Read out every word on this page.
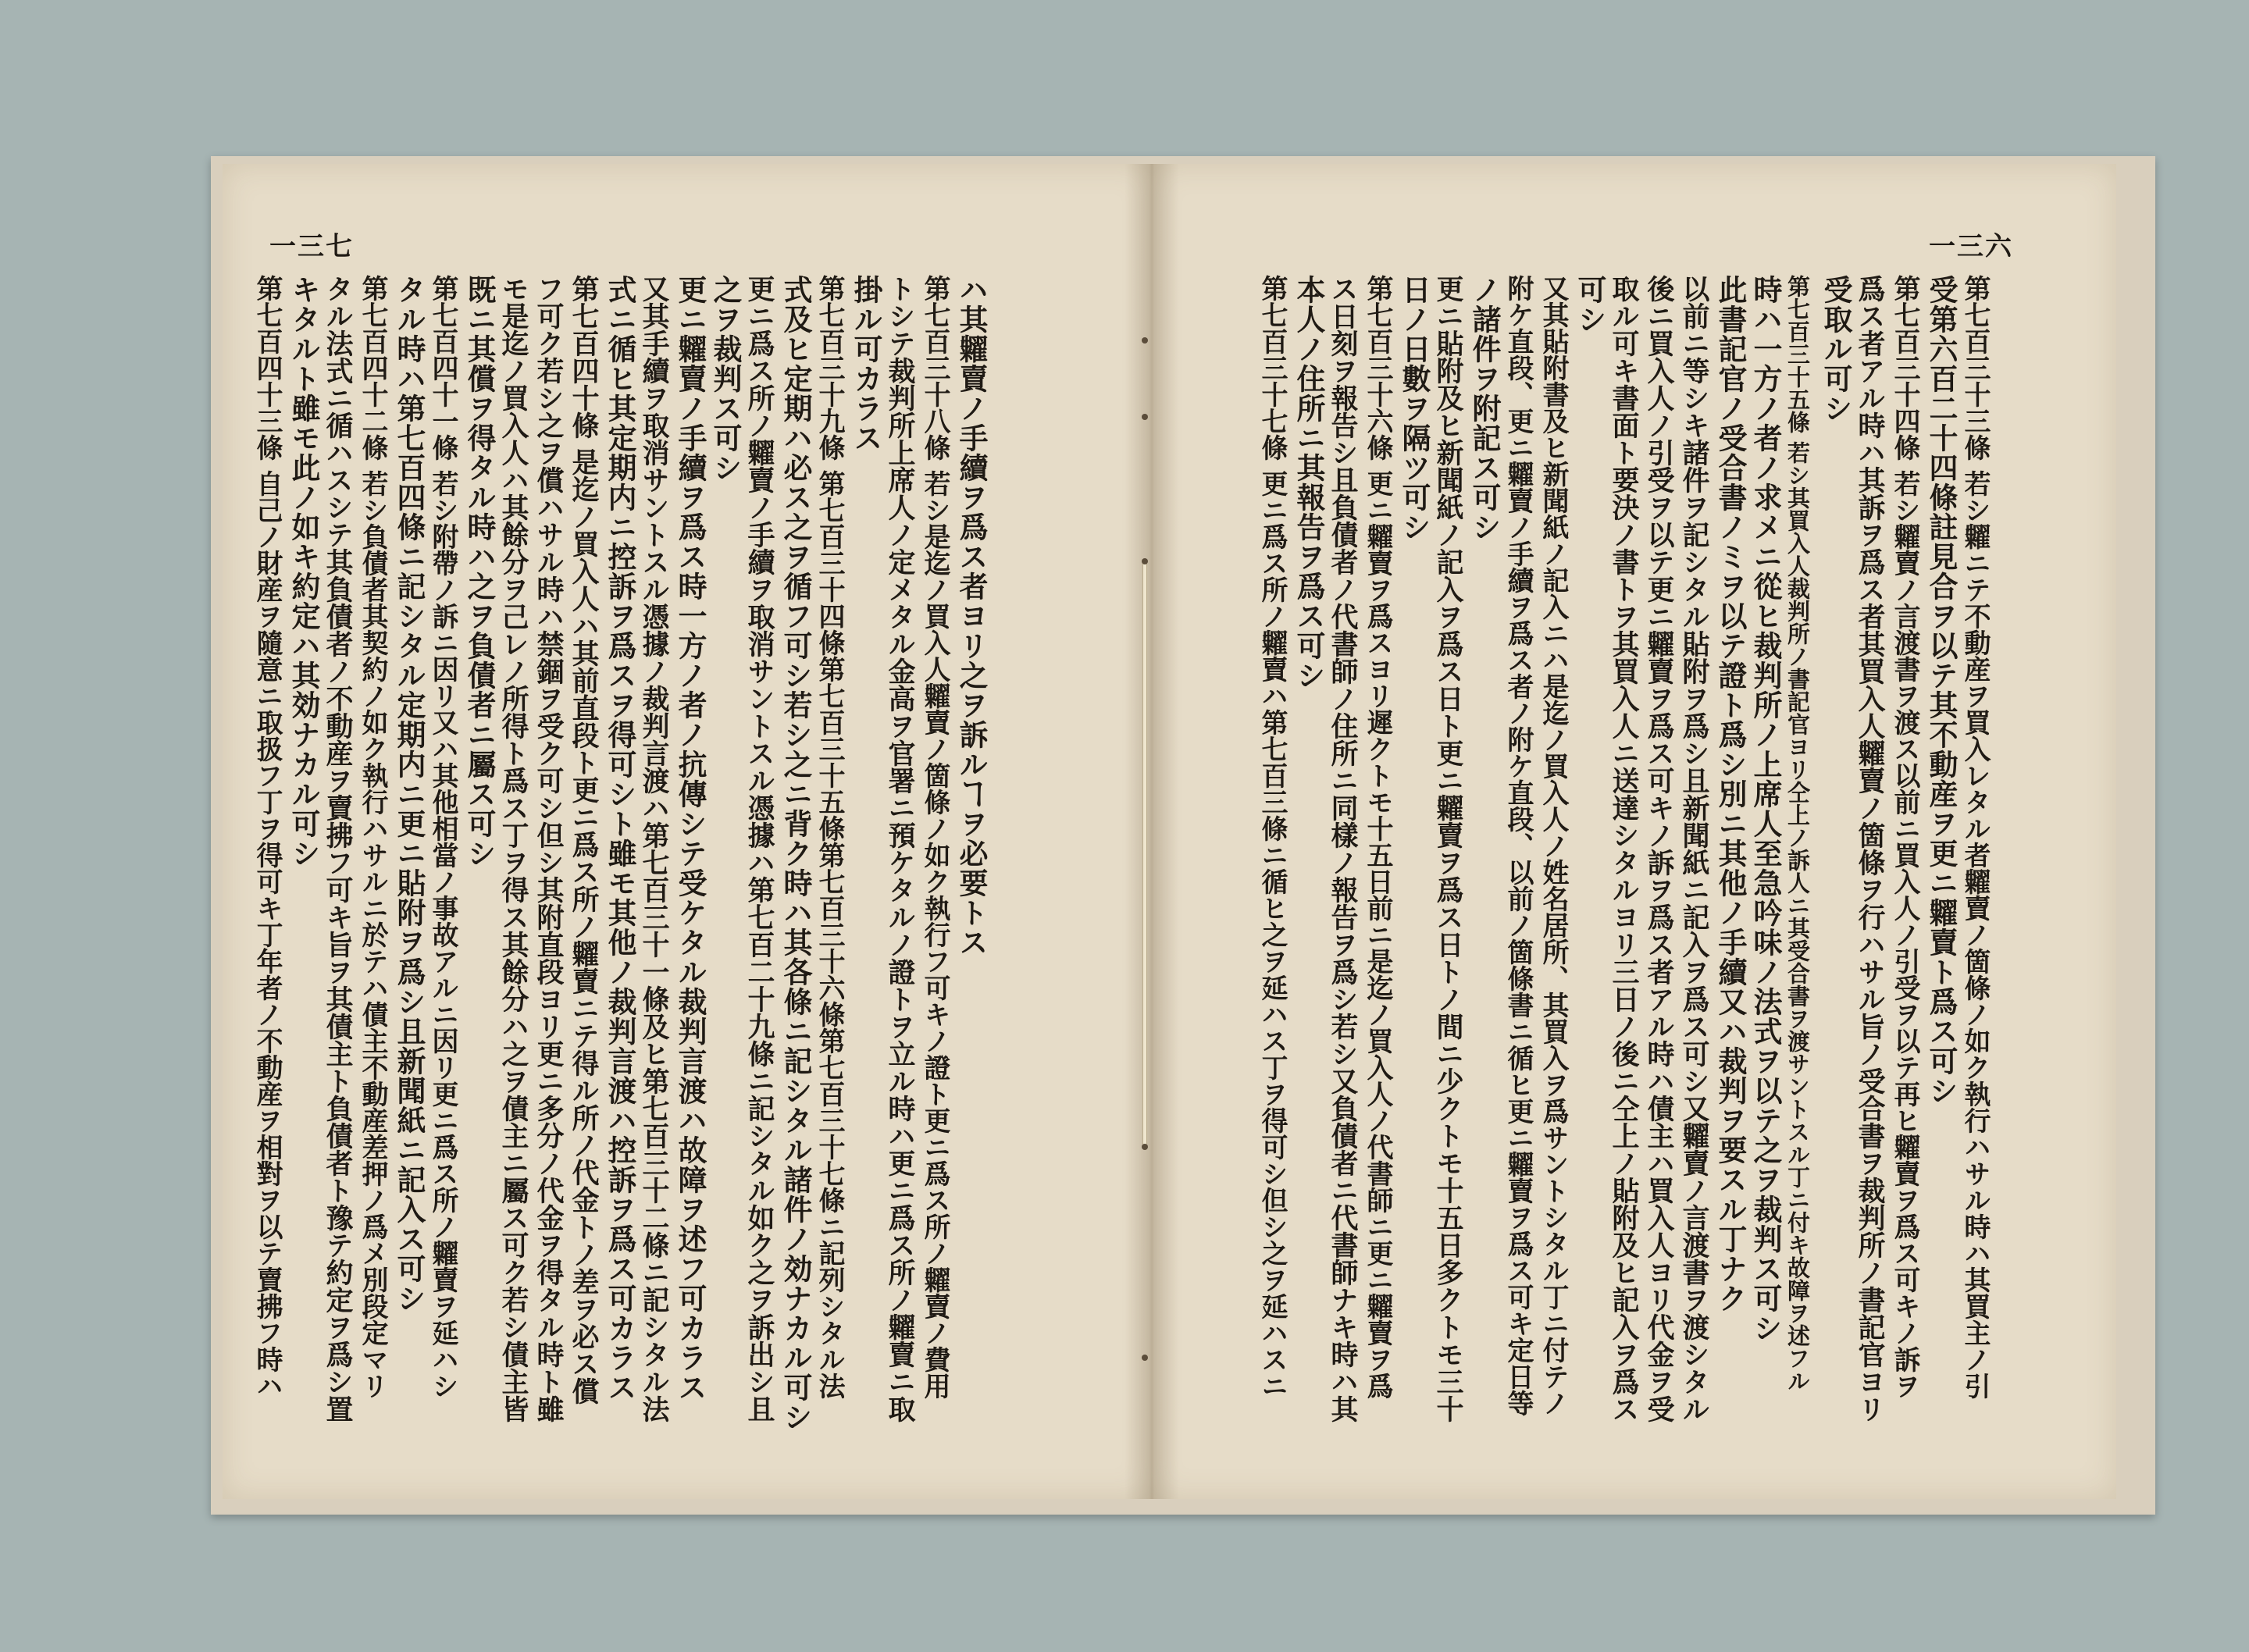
一三七	一三六
第七百三十三條 若シ糶ニテ不動産ヲ買入レタル者糶賣ノ箇條ノ如ク執行ハサル時ハ其買主ノ引
受第六百二十四條註見合ヲ以テ其不動産ヲ更ニ糶賣ト爲ス可シ
第七百三十四條 若シ糶賣ノ言渡書ヲ渡ス以前ニ買入人ノ引受ヲ以テ再ヒ糶賣ヲ爲ス可キノ訴ヲ
爲ス者アル時ハ其訴ヲ爲ス者其買入人糶賣ノ箇條ヲ行ハサル旨ノ受合書ヲ裁判所ノ書記官ヨリ
受取ル可シ
第七百三十五條 若シ其買入人裁判所ノ書記官ヨリ仝上ノ訴人ニ其受合書ヲ渡サントスル丁ニ付キ故障ヲ述フル
時ハ一方ノ者ノ求メニ從ヒ裁判所ノ上席人至急吟味ノ法式ヲ以テ之ヲ裁判ス可シ
此書記官ノ受合書ノミヲ以テ證ト爲シ別ニ其他ノ手續又ハ裁判ヲ要スル丁ナク
以前ニ等シキ諸件ヲ記シタル貼附ヲ爲シ且新聞紙ニ記入ヲ爲ス可シ又糶賣ノ言渡書ヲ渡シタル
後ニ買入人ノ引受ヲ以テ更ニ糶賣ヲ爲ス可キノ訴ヲ爲ス者アル時ハ債主ハ買入人ヨリ代金ヲ受
取ル可キ書面ト要決ノ書トヲ其買入人ニ送達シタルヨリ三日ノ後ニ仝上ノ貼附及ヒ記入ヲ爲ス
可シ
又其貼附書及ヒ新聞紙ノ記入ニハ是迄ノ買入人ノ姓名居所、其買入ヲ爲サントシタル丁ニ付テノ
附ケ直段、更ニ糶賣ノ手續ヲ爲ス者ノ附ケ直段、以前ノ箇條書ニ循ヒ更ニ糶賣ヲ爲ス可キ定日等
ノ諸件ヲ附記ス可シ
更ニ貼附及ヒ新聞紙ノ記入ヲ爲ス日ト更ニ糶賣ヲ爲ス日トノ間ニ少クトモ十五日多クトモ三十
日ノ日數ヲ隔ツ可シ
第七百三十六條 更ニ糶賣ヲ爲スヨリ遲クトモ十五日前ニ是迄ノ買入人ノ代書師ニ更ニ糶賣ヲ爲
ス日刻ヲ報告シ且負債者ノ代書師ノ住所ニ同樣ノ報告ヲ爲シ若シ又負債者ニ代書師ナキ時ハ其
本人ノ住所ニ其報告ヲ爲ス可シ
第七百三十七條 更ニ爲ス所ノ糶賣ハ第七百三條ニ循ヒ之ヲ延ハス丁ヲ得可シ但シ之ヲ延ハスニ
ハ其糶賣ノ手續ヲ爲ス者ヨリ之ヲ訴ルヿヲ必要トス
第七百三十八條 若シ是迄ノ買入人糶賣ノ箇條ノ如ク執行フ可キノ證ト更ニ爲ス所ノ糶賣ノ費用
トシテ裁判所上席人ノ定メタル金高ヲ官署ニ預ケタルノ證トヲ立ル時ハ更ニ爲ス所ノ糶賣ニ取
掛ル可カラス
第七百三十九條 第七百三十四條第七百三十五條第七百三十六條第七百三十七條ニ記列シタル法
式及ヒ定期ハ必ス之ヲ循フ可シ若シ之ニ背ク時ハ其各條ニ記シタル諸件ノ効ナカル可シ
更ニ爲ス所ノ糶賣ノ手續ヲ取消サントスル憑據ハ第七百二十九條ニ記シタル如ク之ヲ訴出シ且
之ヲ裁判ス可シ
更ニ糶賣ノ手續ヲ爲ス時一方ノ者ノ抗傳シテ受ケタル裁判言渡ハ故障ヲ述フ可カラス
又其手續ヲ取消サントスル憑據ノ裁判言渡ハ第七百三十一條及ヒ第七百三十二條ニ記シタル法
式ニ循ヒ其定期内ニ控訴ヲ爲スヲ得可シト雖モ其他ノ裁判言渡ハ控訴ヲ爲ス可カラス
第七百四十條 是迄ノ買入人ハ其前直段ト更ニ爲ス所ノ糶賣ニテ得ル所ノ代金トノ差ヲ必ス償
フ可ク若シ之ヲ償ハサル時ハ禁錮ヲ受ク可シ但シ其附直段ヨリ更ニ多分ノ代金ヲ得タル時ト雖
モ是迄ノ買入人ハ其餘分ヲ己レノ所得ト爲ス丁ヲ得ス其餘分ハ之ヲ債主ニ屬ス可ク若シ債主皆
既ニ其償ヲ得タル時ハ之ヲ負債者ニ屬ス可シ
第七百四十一條 若シ附帶ノ訴ニ因リ又ハ其他相當ノ事故アルニ因リ更ニ爲ス所ノ糶賣ヲ延ハシ
タル時ハ第七百四條ニ記シタル定期内ニ更ニ貼附ヲ爲シ且新聞紙ニ記入ス可シ
第七百四十二條 若シ負債者其契約ノ如ク執行ハサルニ於テハ債主不動産差押ノ爲メ別段定マリ
タル法式ニ循ハスシテ其負債者ノ不動産ヲ賣拂フ可キ旨ヲ其債主ト負債者ト豫テ約定ヲ爲シ置
キタルト雖モ此ノ如キ約定ハ其効ナカル可シ
第七百四十三條 自己ノ財産ヲ隨意ニ取扱フ丁ヲ得可キ丁年者ノ不動産ヲ相對ヲ以テ賣拂フ時ハ
